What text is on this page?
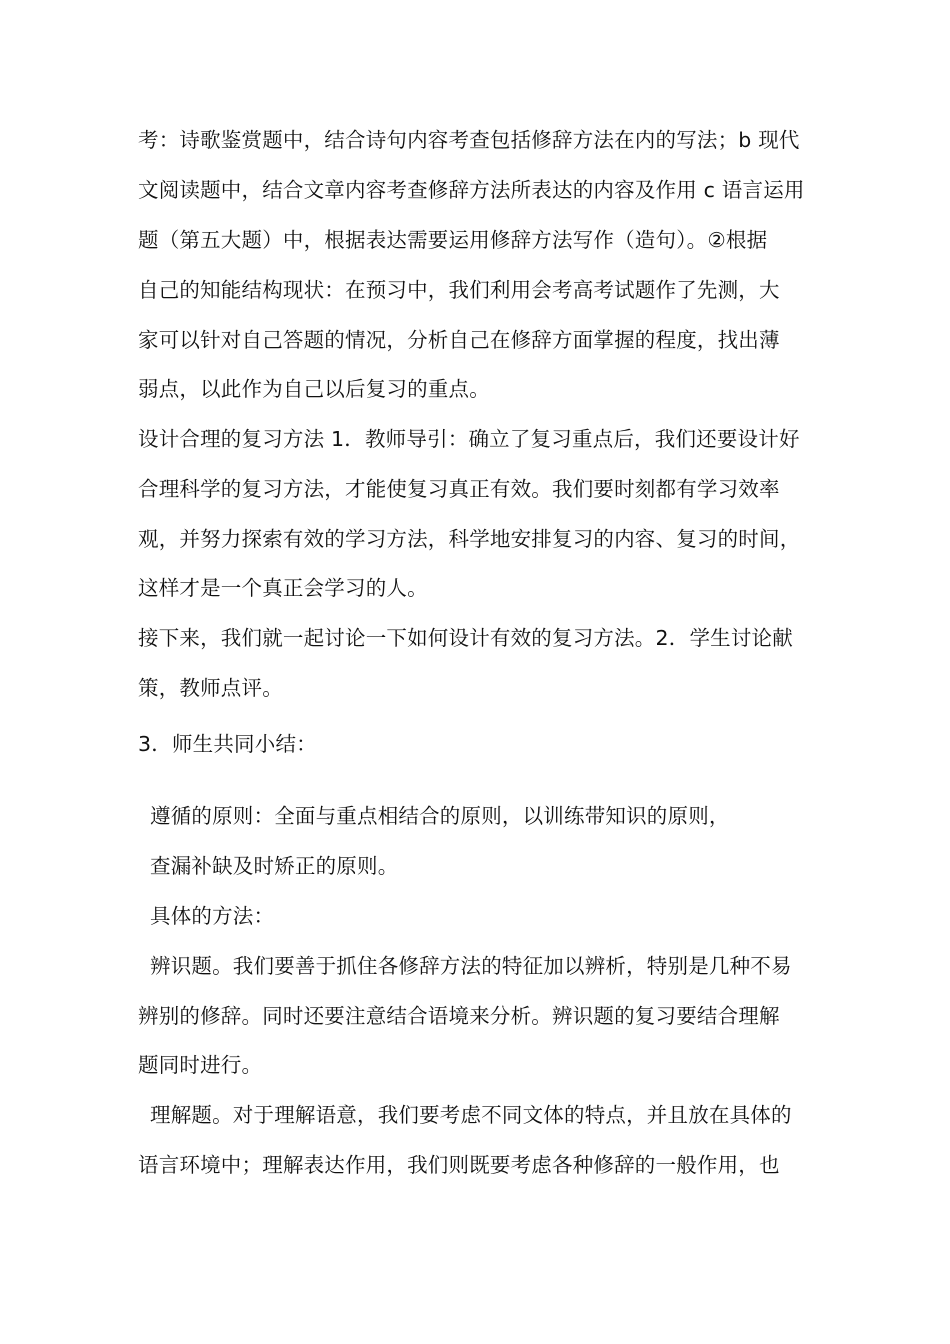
考：诗歌鉴赏题中，结合诗句内容考查包括修辞方法在内的写法；b 现代
文阅读题中，结合文章内容考查修辞方法所表达的内容及作用 c 语言运用
题（第五大题）中，根据表达需要运用修辞方法写作（造句）。②根据
自己的知能结构现状：在预习中，我们利用会考高考试题作了先测，大
家可以针对自己答题的情况，分析自己在修辞方面掌握的程度，找出薄
弱点，以此作为自己以后复习的重点。
设计合理的复习方法 1．教师导引：确立了复习重点后，我们还要设计好
合理科学的复习方法，才能使复习真正有效。我们要时刻都有学习效率
观，并努力探索有效的学习方法，科学地安排复习的内容、复习的时间，
这样才是一个真正会学习的人。
接下来，我们就一起讨论一下如何设计有效的复习方法。2．学生讨论献
策，教师点评。
3．师生共同小结：
遵循的原则：全面与重点相结合的原则，以训练带知识的原则，
查漏补缺及时矫正的原则。
具体的方法：
辨识题。我们要善于抓住各修辞方法的特征加以辨析，特别是几种不易
辨别的修辞。同时还要注意结合语境来分析。辨识题的复习要结合理解
题同时进行。
理解题。对于理解语意，我们要考虑不同文体的特点，并且放在具体的
语言环境中；理解表达作用，我们则既要考虑各种修辞的一般作用，也
